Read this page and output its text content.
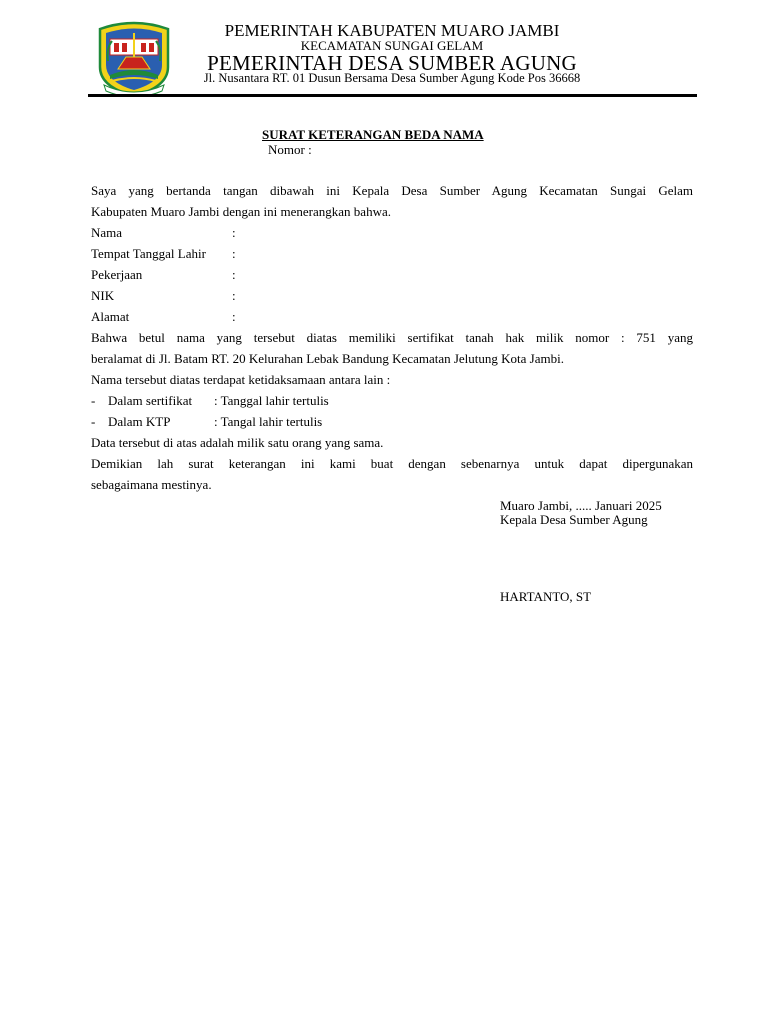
PEMERINTAH KABUPATEN MUARO JAMBI
KECAMATAN SUNGAI GELAM
PEMERINTAH DESA SUMBER AGUNG
Jl. Nusantara RT. 01 Dusun Bersama Desa Sumber Agung Kode Pos 36668
SURAT KETERANGAN BEDA NAMA
Nomor :
Saya yang bertanda tangan dibawah ini Kepala Desa Sumber Agung Kecamatan Sungai Gelam
Kabupaten Muaro Jambi dengan ini menerangkan bahwa.
Nama	:
Tempat Tanggal Lahir :
Pekerjaan	:
NIK	:
Alamat	:
Bahwa betul nama yang tersebut diatas memiliki sertifikat tanah hak milik nomor : 751 yang
beralamat di Jl. Batam RT. 20 Kelurahan Lebak Bandung Kecamatan Jelutung Kota Jambi.
Nama tersebut diatas terdapat ketidaksamaan antara lain :
- Dalam sertifikat : Tanggal lahir tertulis
- Dalam KTP	: Tangal lahir tertulis
Data tersebut di atas adalah milik satu orang yang sama.
Demikian lah surat keterangan ini kami buat dengan sebenarnya untuk dapat dipergunakan
sebagaimana mestinya.
Muaro Jambi, ..... Januari 2025
Kepala Desa Sumber Agung
HARTANTO, ST
